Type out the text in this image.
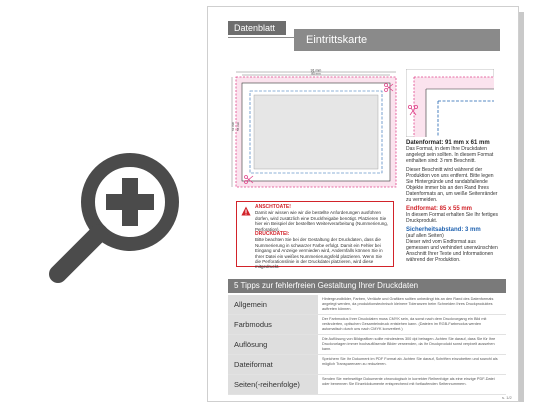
Datenblatt
Eintrittskarte
91 mm
85 mm
61 mm 55 mm
Datenformat: 91 mm x 61 mm

Das Format, in dem Ihre Druckdaten angelegt sein sollten. In diesem Format enthalten sind: 3 mm Beschnitt.

Dieser Beschnitt wird während der Produktion von uns entfernt. Bitte legen Sie Hintergründe und randabfallende Objekte immer bis an den Rand Ihres Datenformats an, um weiße Seitenränder zu vermeiden.

Endformat: 85 x 55 mm

In diesem Format erhalten Sie Ihr fertiges Druckprodukt.

Sicherheitsabstand: 3 mm
(auf allen Seiten)

Dieser wird vom Endformat aus gemessen und verhindert unerwünschten Anschnitt Ihrer Texte und Informationen während der Produktion.

ANSCHTOATE!
Damit wir wissen wie wir die bestellte Anforderungen ausführen dürfen, wird zusätzlich eine Druckfreigabe benötigt. Platzieren Sie hier ein Beispiel der bestellten Weiterverarbeitung (Nummerierung, Perforation).
DRUCKDATEI:
Bitte beachten Sie bei der Gestaltung der Druckdaten, dass die Nummerierung in schwarzer Farbe erfolgt. Damit ein Fehler bei Eingang und Anzeige vermieden wird, Andernfalls können Sie in Ihrer Datei ein weißes Nummerierungsfeld platzieren. Wenn Sie die Perforationslinie in der Druckdatei platzieren, wird diese mitgedruckt.
5 Tipps zur fehlerfreien Gestaltung Ihrer Druckdaten
Allgemein
Hintergrundbilder, Farben, Verläufe und Grafiken sollten unbedingt bis an den Rand des Datenformats angelegt werden, da produktionstechnisch kleinere Toleranzen beim Schneiden Ihres Druckproduktes auftreten können.
Farbmodus
Der Farbmodus Ihrer Druckdaten muss CMYK sein, da sonst nach dem Druckvorgang ein Bild mit veränderten, optischen Gesamteindruck entstehen kann. (Dateien im RGB-Farbmodus werden automatisch durch uns nach CMYK konvertiert.)
Auflösung
Die Auflösung von Bildgrafiken sollte mindestens 300 dpi betragen. Achten Sie darauf, dass Sie für Ihre Druckvorlagen immer hochauflösende Bilder verwenden, da Ihr Druckprodukt sonst verpixelt aussehen kann.
Dateiformat
Speichern Sie Ihr Dokument im PDF Format ab. Achten Sie darauf, Schriften einzubetten und sowohl als möglich Transparenzen zu reduzieren.
Seiten(-reihenfolge)
Senden Sie mehrseitige Dokumente chronologisch in korrekter Reihenfolge als eine einzige PDF-Datei oder benennen Sie Einzeldokumente entsprechend mit fortlaufenden Seitennummern.
s. 1/2
